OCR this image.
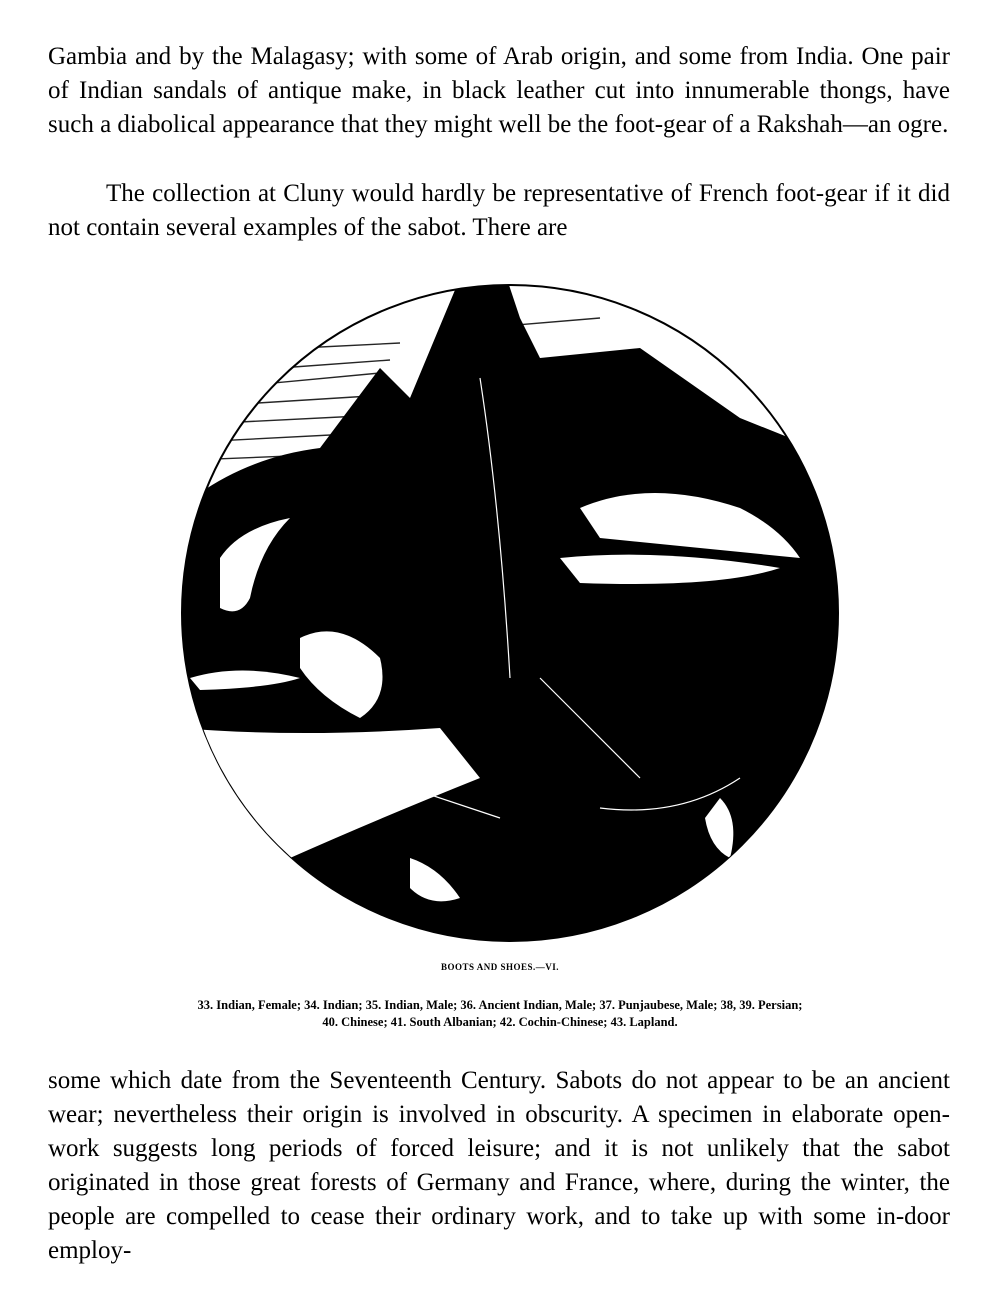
Gambia and by the Malagasy; with some of Arab origin, and some from India. One pair of Indian sandals of antique make, in black leather cut into innumerable thongs, have such a diabolical appearance that they might well be the foot-gear of a Rakshah—an ogre.

The collection at Cluny would hardly be representative of French foot-gear if it did not contain several examples of the sabot. There are

36
BOOTS AND SHOES.—VI.
33. Indian, Female; 34. Indian; 35. Indian, Male; 36. Ancient Indian, Male; 37. Punjaubese, Male; 38, 39. Persian;
40. Chinese; 41. South Albanian; 42. Cochin-Chinese; 43. Lapland.

some which date from the Seventeenth Century. Sabots do not appear to be an ancient wear; nevertheless their origin is involved in obscurity. A specimen in elaborate open-work suggests long periods of forced leisure; and it is not unlikely that the sabot originated in those great forests of Germany and France, where, during the winter, the people are compelled to cease their ordinary work, and to take up with some in-door employ-
